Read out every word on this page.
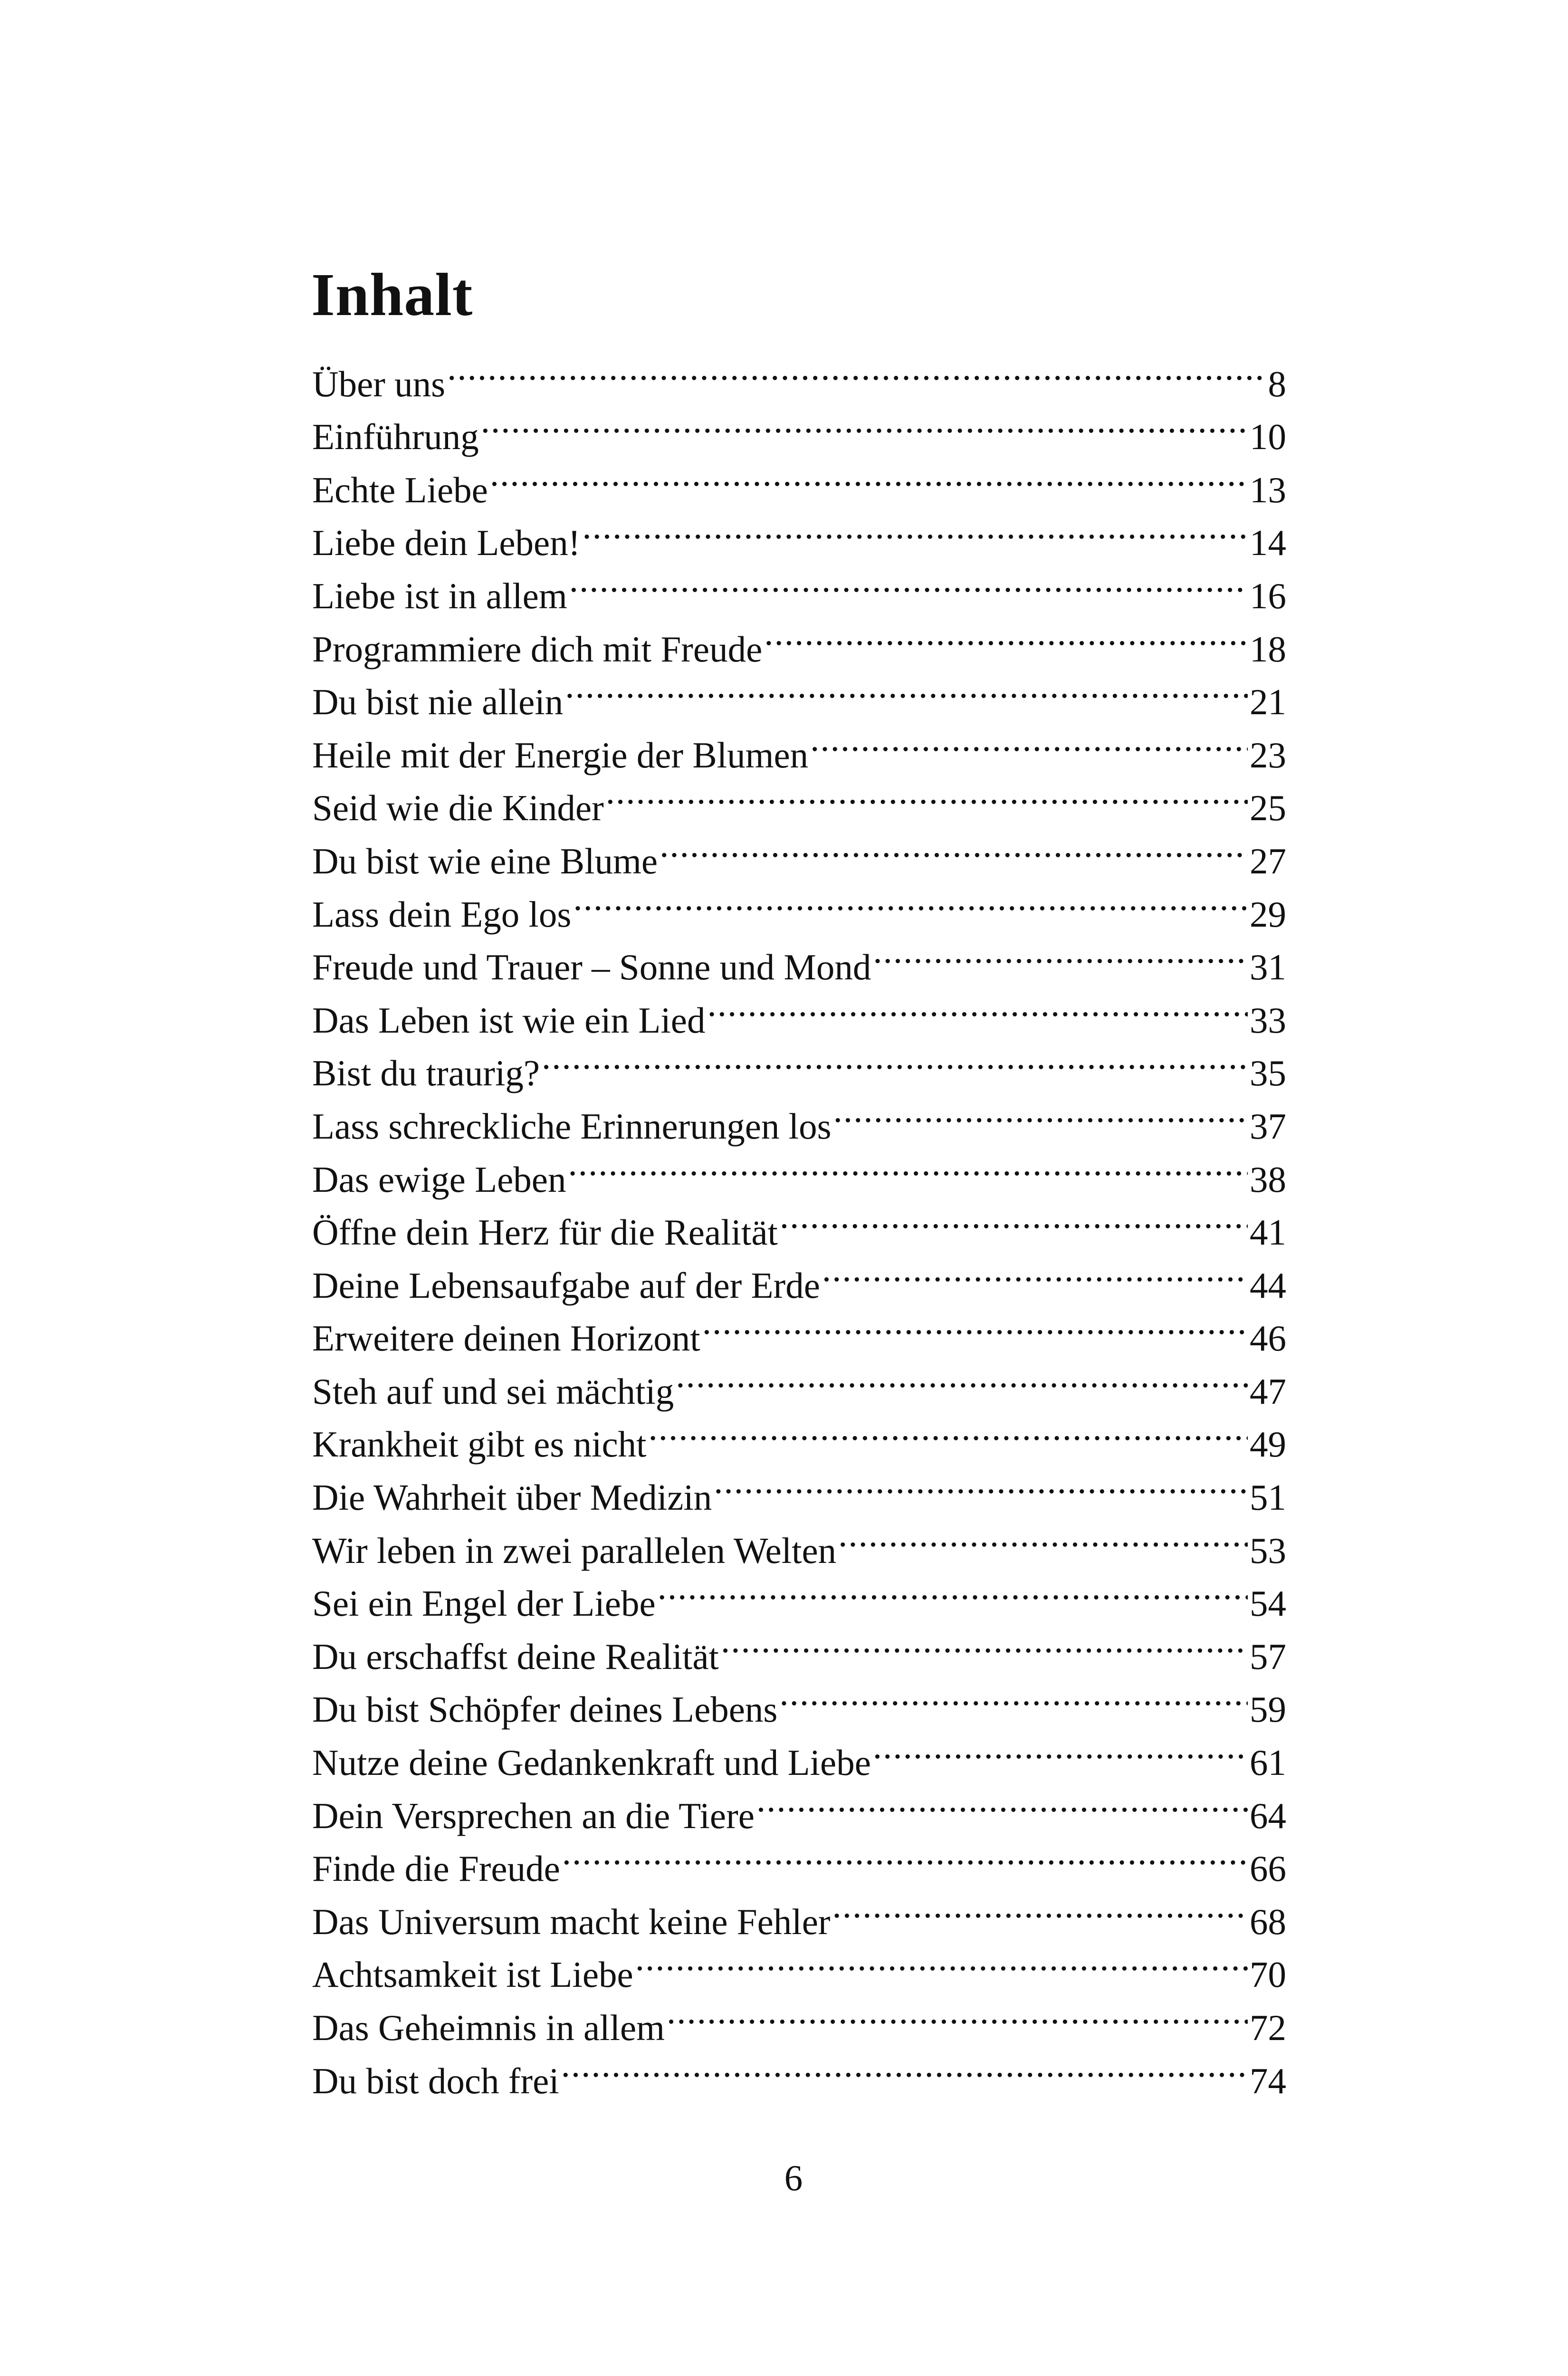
Inhalt
Über uns .....	8
Einführung .....	10
Echte Liebe .....	13
Liebe dein Leben! .....	14
Liebe ist in allem .....	16
Programmiere dich mit Freude .....	18
Du bist nie allein .....	21
Heile mit der Energie der Blumen .....	23
Seid wie die Kinder .....	25
Du bist wie eine Blume .....	27
Lass dein Ego los .....	29
Freude und Trauer – Sonne und Mond .....	31
Das Leben ist wie ein Lied .....	33
Bist du traurig? .....	35
Lass schreckliche Erinnerungen los .....	37
Das ewige Leben .....	38
Öffne dein Herz für die Realität .....	41
Deine Lebensaufgabe auf der Erde .....	44
Erweitere deinen Horizont .....	46
Steh auf und sei mächtig .....	47
Krankheit gibt es nicht .....	49
Die Wahrheit über Medizin .....	51
Wir leben in zwei parallelen Welten .....	53
Sei ein Engel der Liebe .....	54
Du erschaffst deine Realität .....	57
Du bist Schöpfer deines Lebens .....	59
Nutze deine Gedankenkraft und Liebe .....	61
Dein Versprechen an die Tiere .....	64
Finde die Freude .....	66
Das Universum macht keine Fehler .....	68
Achtsamkeit ist Liebe .....	70
Das Geheimnis in allem .....	72
Du bist doch frei .....	74
6
